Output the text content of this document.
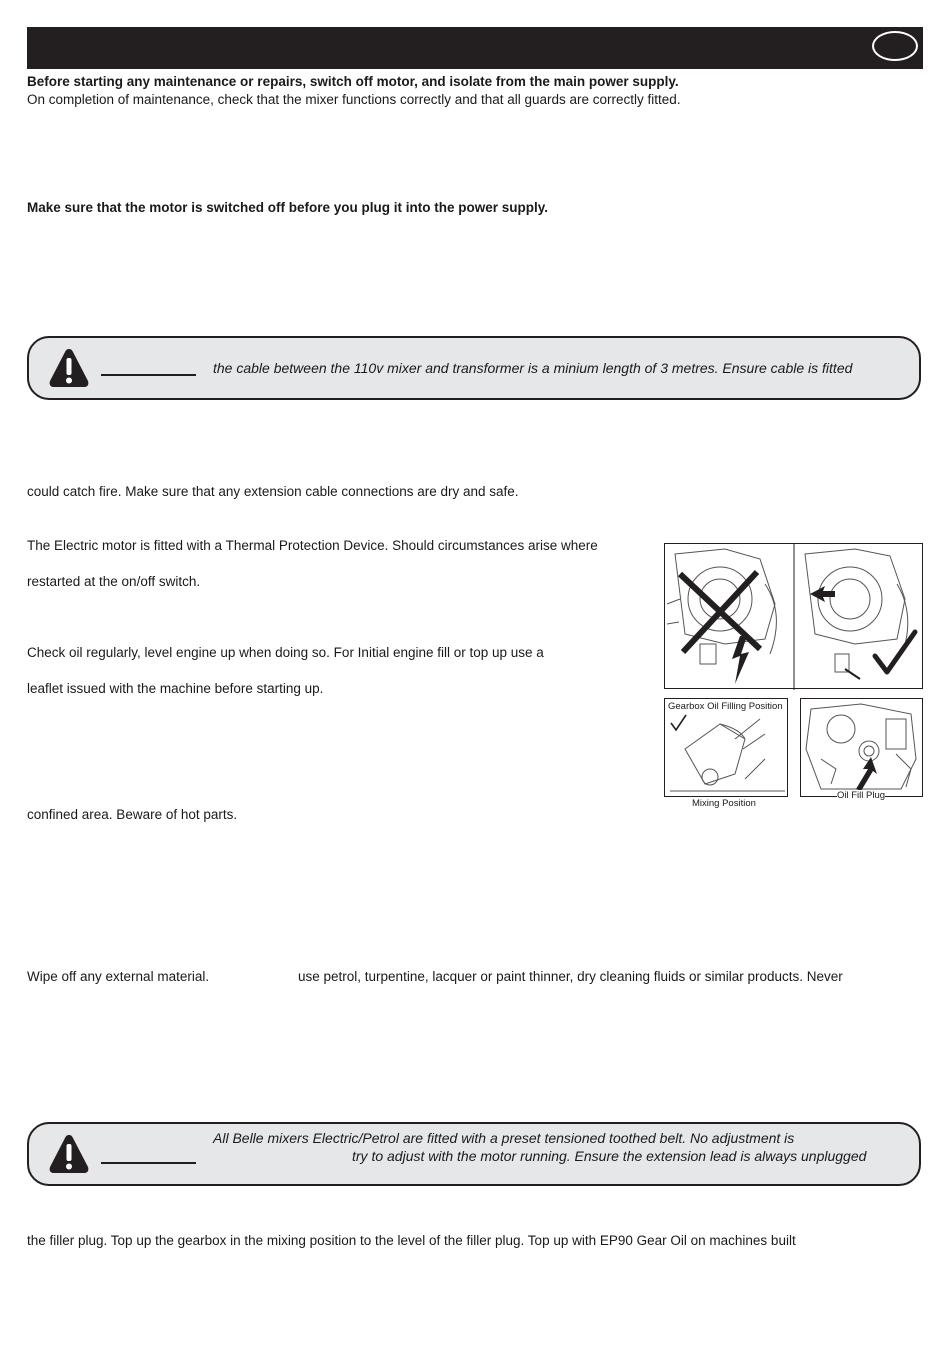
Before starting any maintenance or repairs, switch off motor, and isolate from the main power supply.
On completion of maintenance, check that the mixer functions correctly and that all guards are correctly fitted.
Make sure that the motor is switched off before you plug it into the power supply.
the cable between the 110v mixer and transformer is a minium length of 3 metres. Ensure cable is fitted
could catch fire. Make sure that any extension cable connections are dry and safe.
The Electric motor is fitted with a Thermal Protection Device. Should circumstances arise where
restarted at the on/off switch.
Check oil regularly, level engine up when doing so. For Initial engine fill or top up use a
leaflet issued with the machine before starting up.
confined area. Beware of hot parts.
Wipe off any external material.	use petrol, turpentine, lacquer or paint thinner, dry cleaning fluids or similar products. Never
Gearbox Oil Filling Position
Mixing Position
Oil Fill Plug
All Belle mixers Electric/Petrol are fitted with a preset tensioned toothed belt. No adjustment is
try to adjust with the motor running. Ensure the extension lead is always unplugged
the filler plug. Top up the gearbox in the mixing position to the level of the filler plug. Top up with EP90 Gear Oil on machines built
